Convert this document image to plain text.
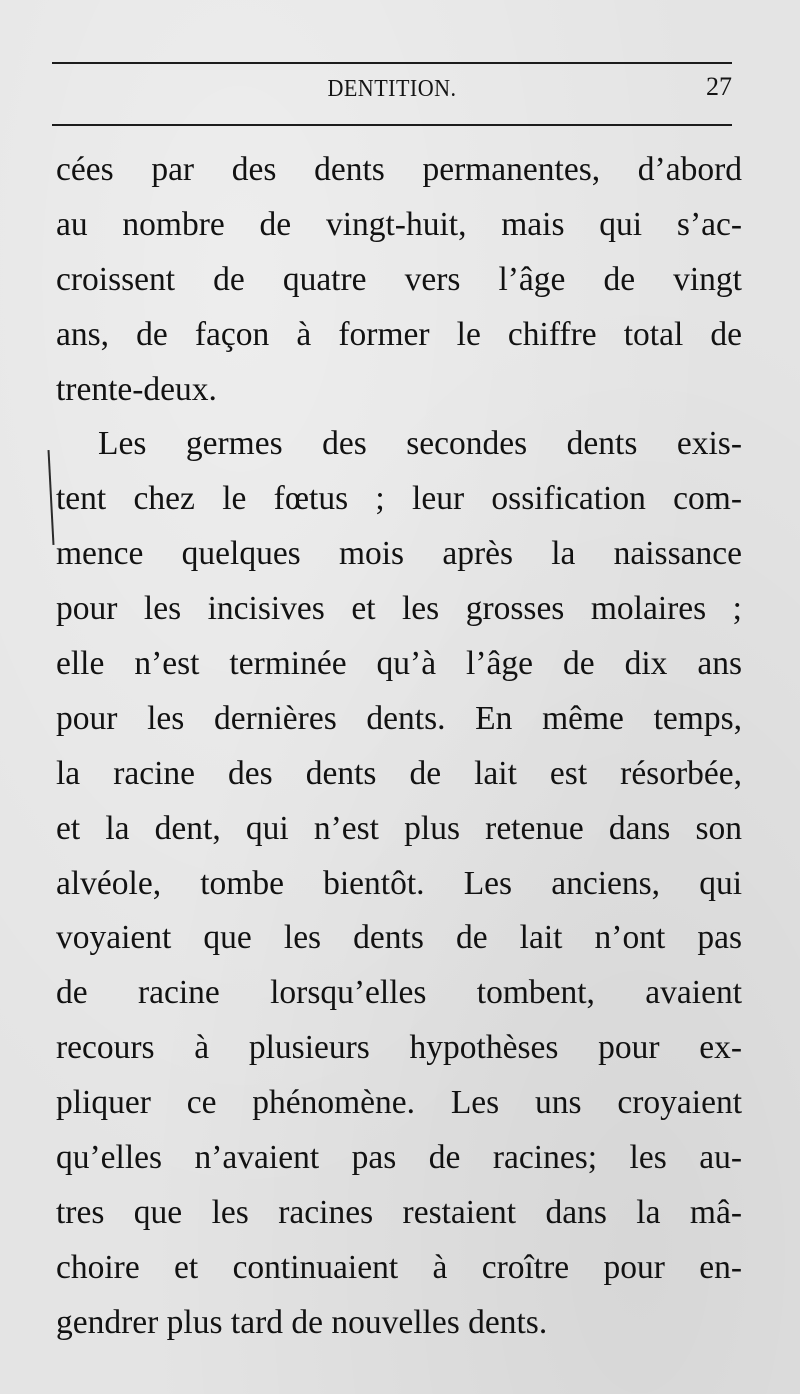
DENTITION.	27
cées par des dents permanentes, d’abord
au nombre de vingt-huit, mais qui s’ac-
croissent de quatre vers l’âge de vingt
ans, de façon à former le chiffre total de
trente-deux.
Les germes des secondes dents exis-
tent chez le fœtus ; leur ossification com-
mence quelques mois après la naissance
pour les incisives et les grosses molaires ;
elle n’est terminée qu’à l’âge de dix ans
pour les dernières dents. En même temps,
la racine des dents de lait est résorbée,
et la dent, qui n’est plus retenue dans son
alvéole, tombe bientôt. Les anciens, qui
voyaient que les dents de lait n’ont pas
de racine lorsqu’elles tombent, avaient
recours à plusieurs hypothèses pour ex-
pliquer ce phénomène. Les uns croyaient
qu’elles n’avaient pas de racines; les au-
tres que les racines restaient dans la mâ-
choire et continuaient à croître pour en-
gendrer plus tard de nouvelles dents.
